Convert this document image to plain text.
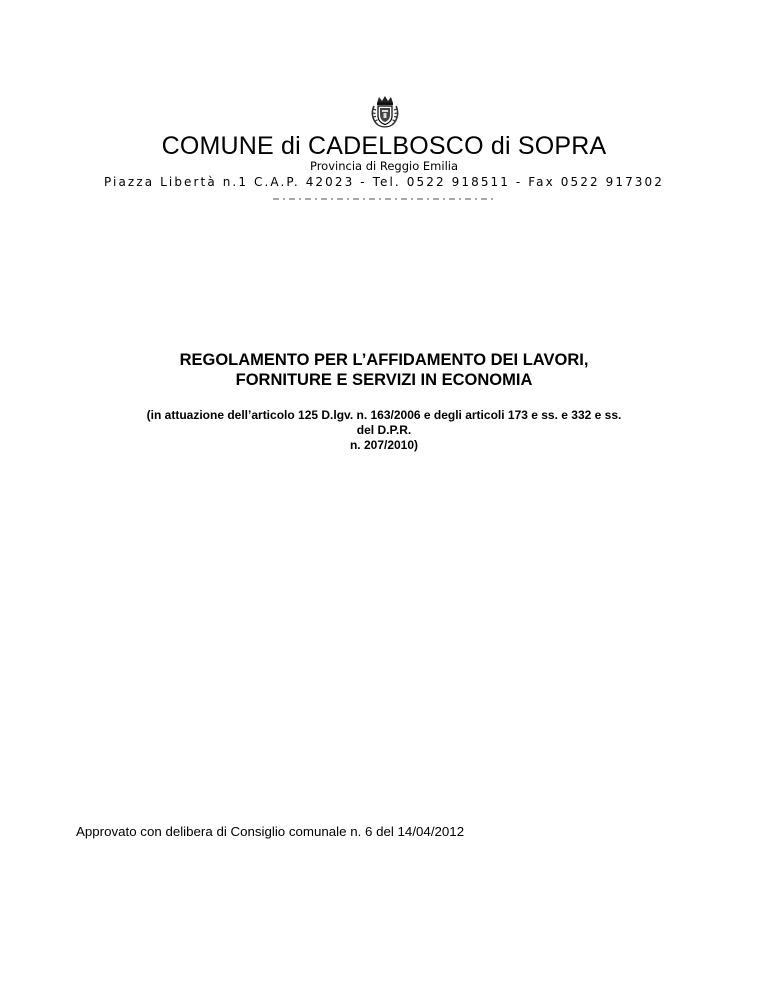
COMUNE di CADELBOSCO di SOPRA
Provincia di Reggio Emilia
Piazza Libertà n.1 C.A.P. 42023 - Tel. 0522 918511 - Fax 0522 917302
REGOLAMENTO PER L’AFFIDAMENTO DEI LAVORI,
FORNITURE E SERVIZI IN ECONOMIA
(in attuazione dell’articolo 125 D.lgv. n. 163/2006 e degli articoli 173 e ss. e 332 e ss.
del D.P.R.
n. 207/2010)
Approvato con delibera di Consiglio comunale n. 6 del 14/04/2012
